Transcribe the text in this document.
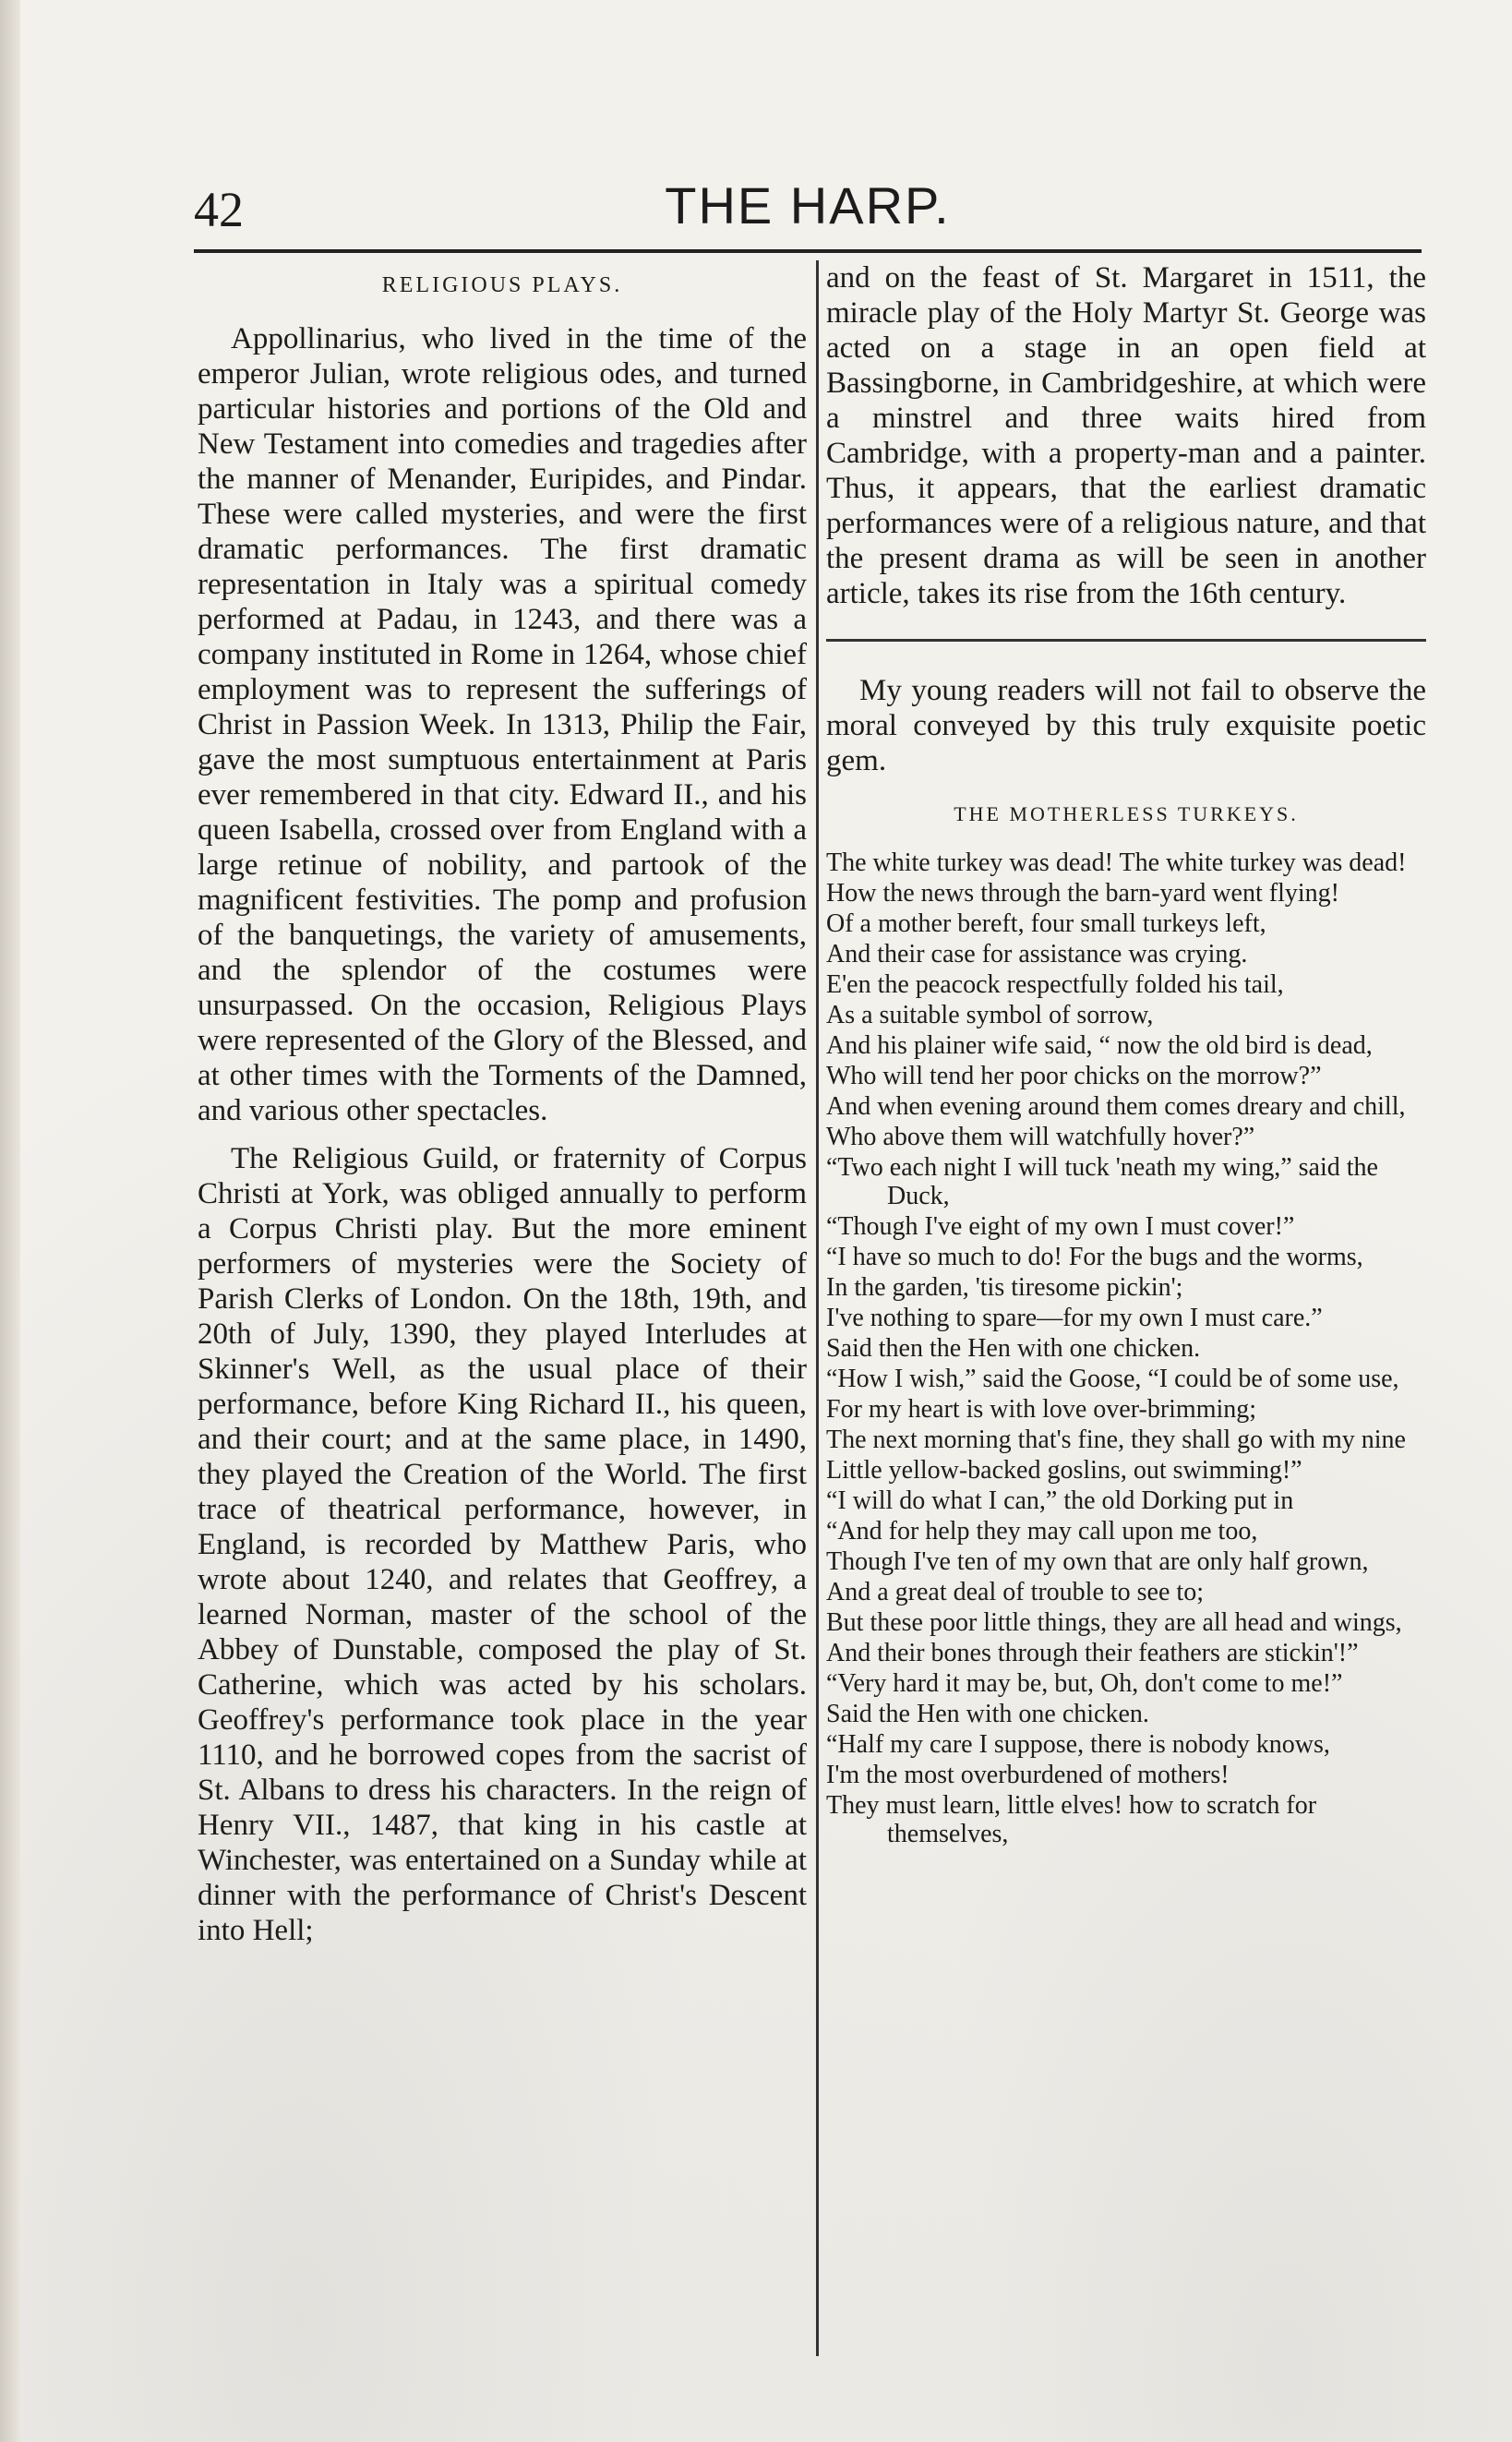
42	THE HARP.
RELIGIOUS PLAYS.

Appollinarius, who lived in the time of the emperor Julian, wrote religious odes, and turned particular histories and portions of the Old and New Testament into comedies and tragedies after the manner of Menander, Euripides, and Pindar. These were called mysteries, and were the first dramatic performances. The first dramatic representation in Italy was a spiritual comedy performed at Padau, in 1243, and there was a company instituted in Rome in 1264, whose chief employment was to represent the sufferings of Christ in Passion Week. In 1313, Philip the Fair, gave the most sumptuous entertainment at Paris ever remembered in that city. Edward II., and his queen Isabella, crossed over from England with a large retinue of nobility, and partook of the magnificent festivities. The pomp and profusion of the banquetings, the variety of amusements, and the splendor of the costumes were unsurpassed. On the occasion, Religious Plays were represented of the Glory of the Blessed, and at other times with the Torments of the Damned, and various other spectacles.

The Religious Guild, or fraternity of Corpus Christi at York, was obliged annually to perform a Corpus Christi play. But the more eminent performers of mysteries were the Society of Parish Clerks of London. On the 18th, 19th, and 20th of July, 1390, they played Interludes at Skinner's Well, as the usual place of their performance, before King Richard II., his queen, and their court; and at the same place, in 1490, they played the Creation of the World. The first trace of theatrical performance, however, in England, is recorded by Matthew Paris, who wrote about 1240, and relates that Geoffrey, a learned Norman, master of the school of the Abbey of Dunstable, composed the play of St. Catherine, which was acted by his scholars. Geoffrey's performance took place in the year 1110, and he borrowed copes from the sacrist of St. Albans to dress his characters. In the reign of Henry VII., 1487, that king in his castle at Winchester, was entertained on a Sunday while at dinner with the performance of Christ's Descent into Hell;

and on the feast of St. Margaret in 1511, the miracle play of the Holy Martyr St. George was acted on a stage in an open field at Bassingborne, in Cambridgeshire, at which were a minstrel and three waits hired from Cambridge, with a property-man and a painter. Thus, it appears, that the earliest dramatic performances were of a religious nature, and that the present drama as will be seen in another article, takes its rise from the 16th century.

My young readers will not fail to observe the moral conveyed by this truly exquisite poetic gem.

THE MOTHERLESS TURKEYS.

The white turkey was dead! The white turkey was dead!

How the news through the barn-yard went flying!

Of a mother bereft, four small turkeys left,

And their case for assistance was crying.

E'en the peacock respectfully folded his tail,

As a suitable symbol of sorrow,

And his plainer wife said, “ now the old bird is dead,

Who will tend her poor chicks on the morrow?”

And when evening around them comes dreary and chill,

Who above them will watchfully hover?”

“Two each night I will tuck 'neath my wing,” said the Duck,

“Though I've eight of my own I must cover!”

“I have so much to do! For the bugs and the worms,

In the garden, 'tis tiresome pickin';

I've nothing to spare—for my own I must care.”

Said then the Hen with one chicken.

“How I wish,” said the Goose, “I could be of some use,

For my heart is with love over-brimming;

The next morning that's fine, they shall go with my nine

Little yellow-backed goslins, out swimming!”

“I will do what I can,” the old Dorking put in

“And for help they may call upon me too,

Though I've ten of my own that are only half grown,

And a great deal of trouble to see to;

But these poor little things, they are all head and wings,

And their bones through their feathers are stickin'!”

“Very hard it may be, but, Oh, don't come to me!”

Said the Hen with one chicken.

“Half my care I suppose, there is nobody knows,

I'm the most overburdened of mothers!

They must learn, little elves! how to scratch for themselves,
